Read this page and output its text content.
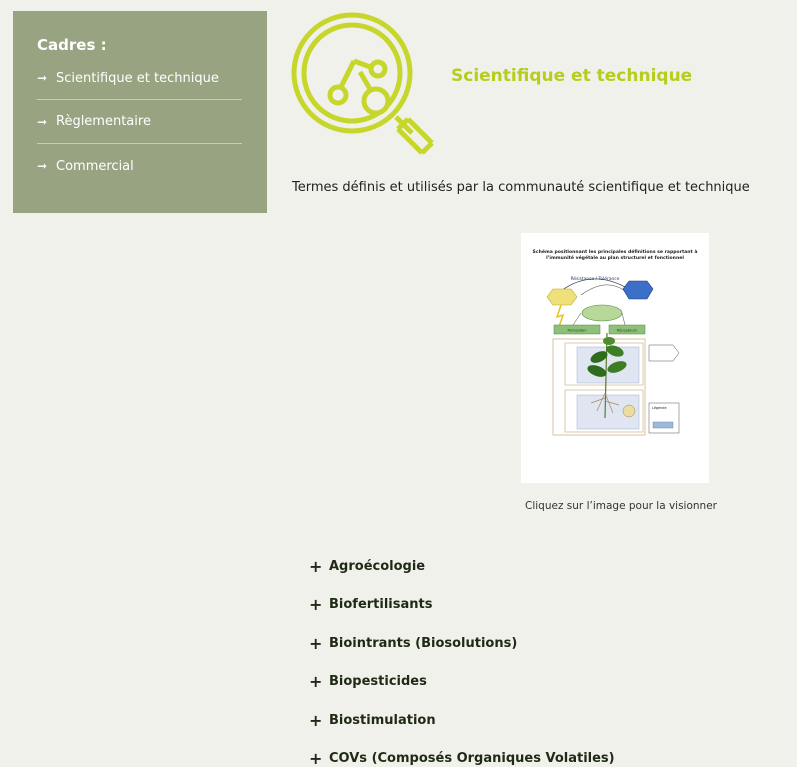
Cadres :
➞ Scientifique et technique
➞ Règlementaire
➞ Commercial
Scientifique et technique
Termes définis et utilisés par la communauté scientifique et technique
Schéma positionnant les principales définitions se rapportant à
l’immunité végétale au plan structurel et fonctionnel
Résistance / Tolérance
Perception	Récepteurs
Légende
Cliquez sur l’image pour la visionner
+ Agroécologie
+ Biofertilisants
+ Biointrants (Biosolutions)
+ Biopesticides
+ Biostimulation
+ COVs (Composés Organiques Volatiles)
